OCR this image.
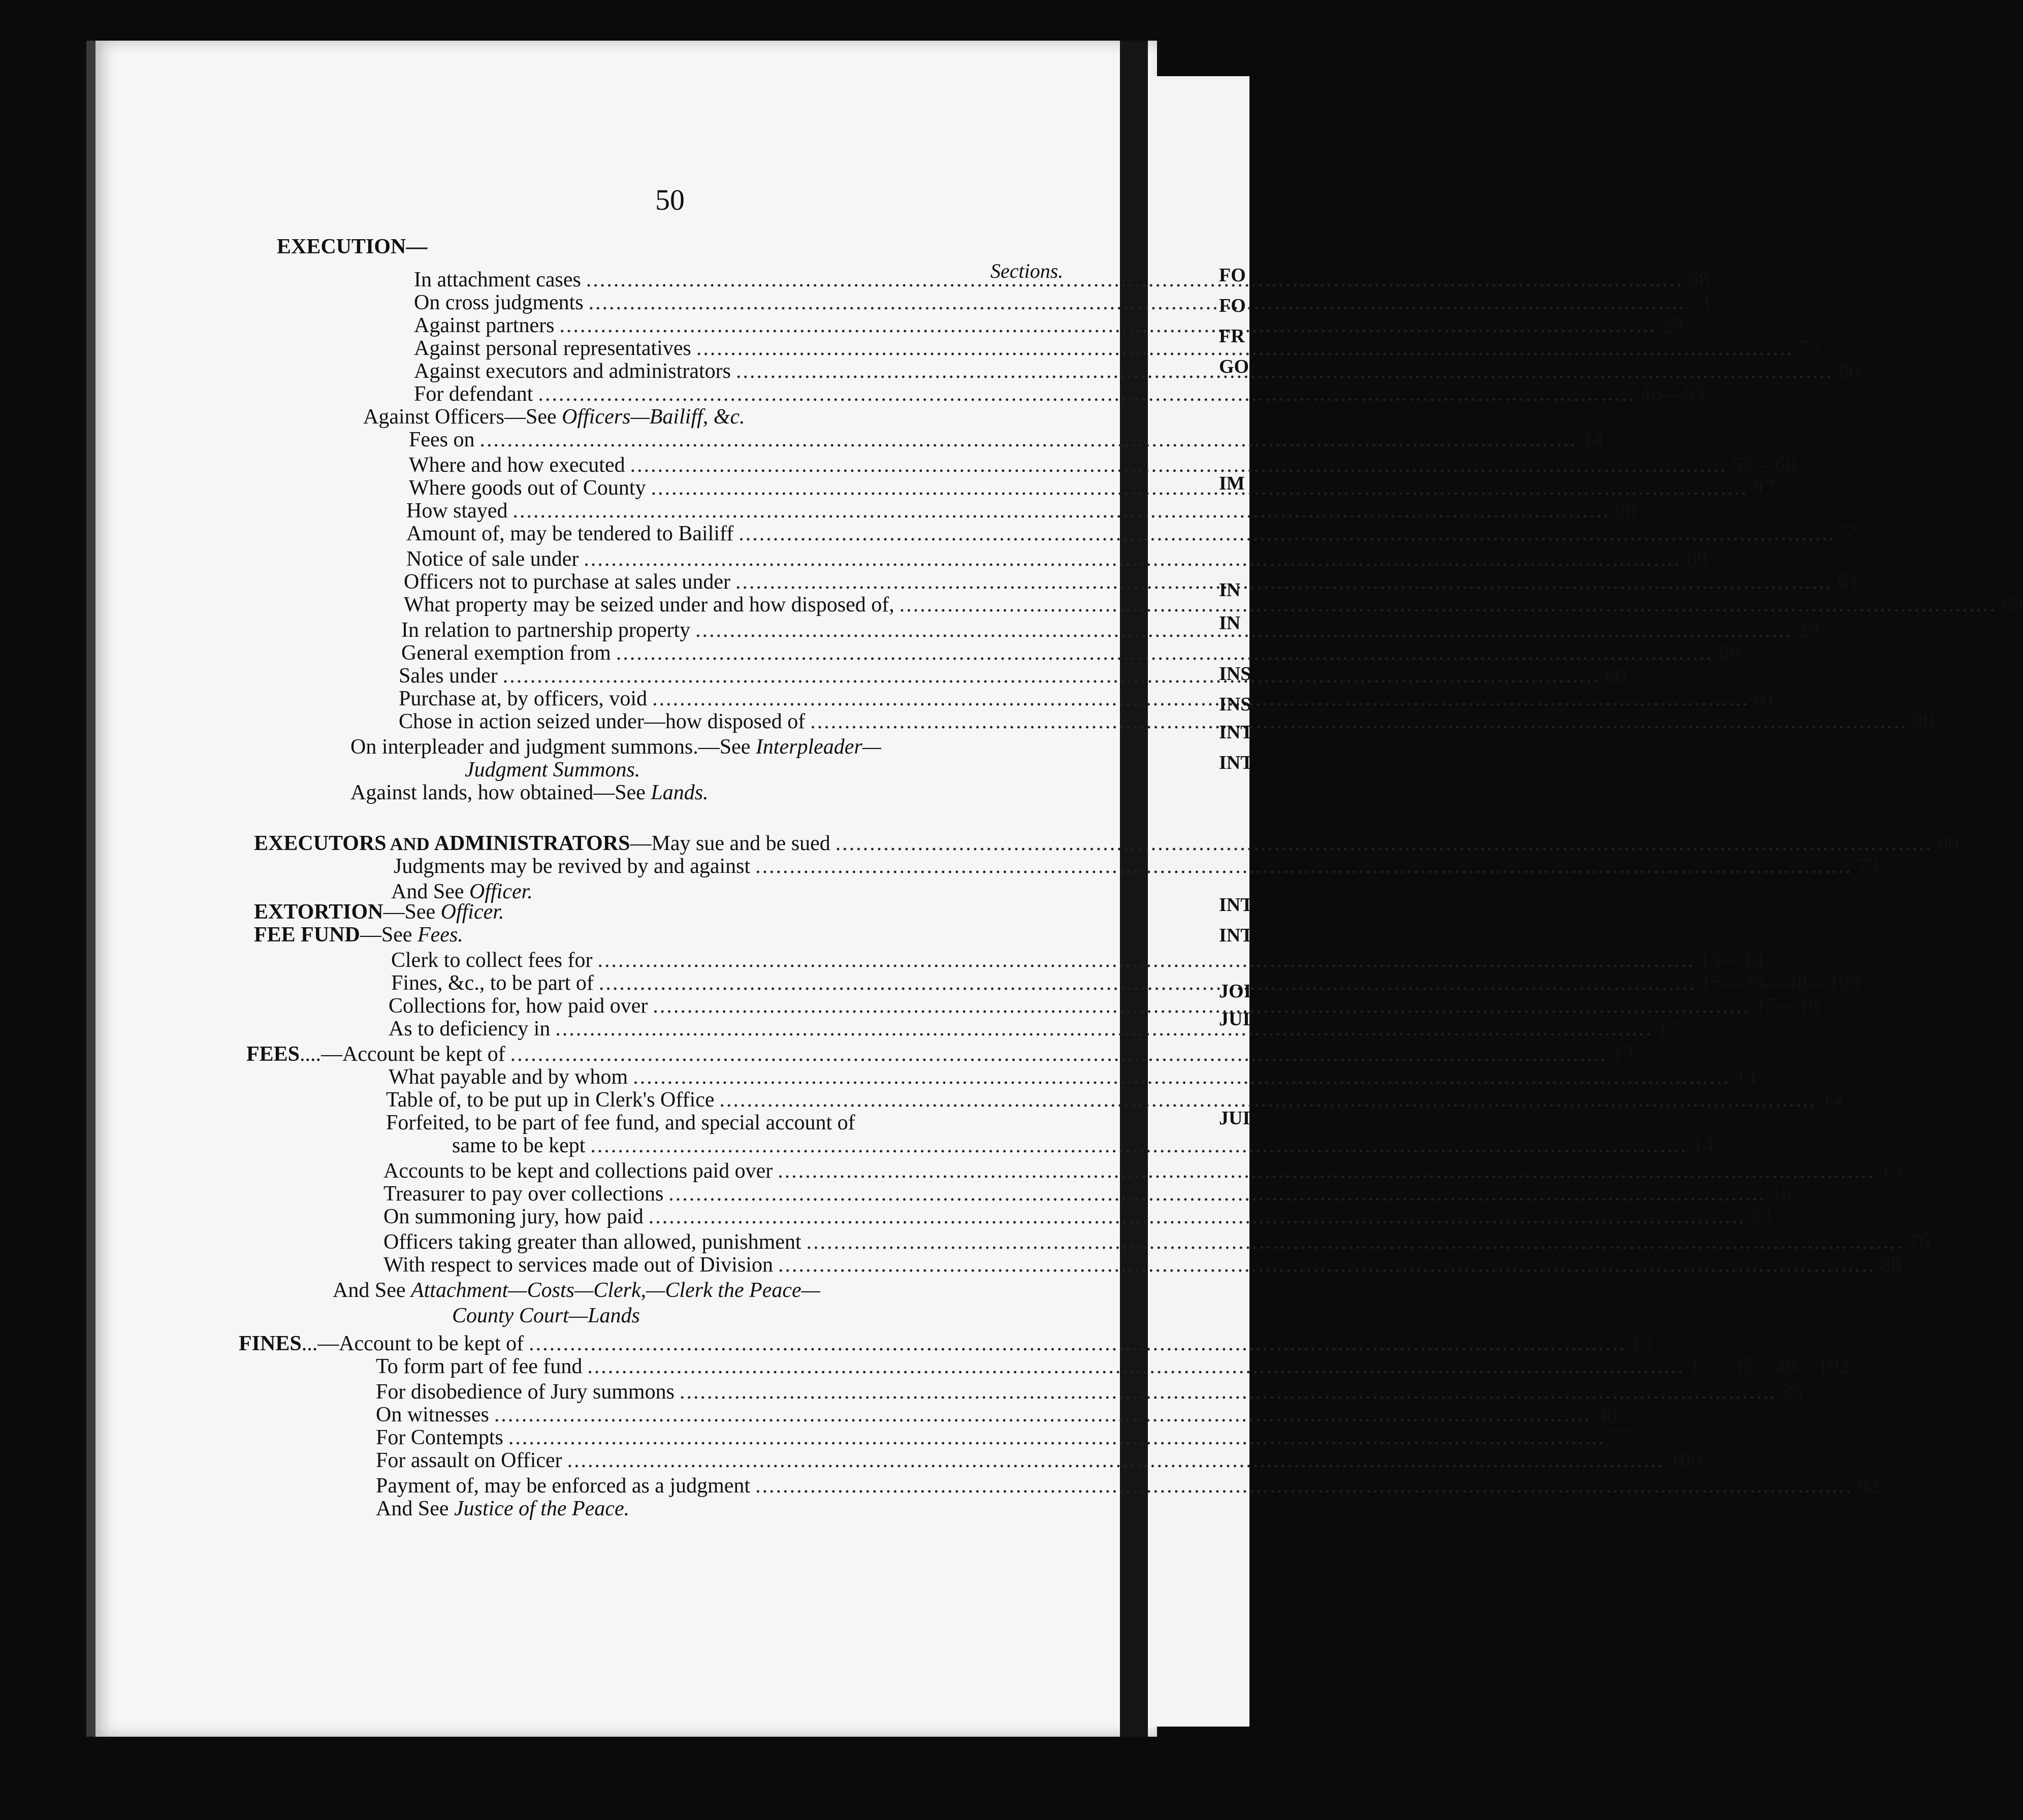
50
Sections.
EXECUTION—
In attachment cases .....	68
On cross judgments .....	51
Against partners .....	29
Against personal representatives .....	73
Against executors and administrators .....	80
For defendant .....	46—83
Against Officers—See Officers—Bailiff, &c.
Fees on .....	14
Where and how executed .....	53—60
Where goods out of County .....	97
How stayed .....	98
Amount of, may be tendered to Bailiff .....	55
Notice of sale under .....	60
Officers not to purchase at sales under .....	61
What property may be seized under and how disposed of, .....	89
In relation to partnership property .....	29
General exemption from .....	89
Sales under .....	60
Purchase at, by officers, void .....	61
Chose in action seized under—how disposed of .....	90
On interpleader and judgment summons.—See Interpleader—
Judgment Summons.
Against lands, how obtained—See Lands.
EXECUTORS AND ADMINISTRATORS—May sue and be sued .....	80
Judgments may be revived by and against .....	73
And See Officer.
EXTORTION—See Officer.
FEE FUND—See Fees.
Clerk to collect fees for .....	13—14
Fines, &c., to be part of .....	15—35—48—103
Collections for, how paid over .....	15—16
As to deficiency in .....	17
FEES....—Account be kept of .....	13
What payable and by whom .....	14
Table of, to be put up in Clerk's Office .....	14
Forfeited, to be part of fee fund, and special account of
same to be kept .....	14
Accounts to be kept and collections paid over .....	15
Treasurer to pay over collections .....	16
On summoning jury, how paid .....	33
Officers taking greater than allowed, punishment .....	76
With respect to services made out of Division .....	88
And See Attachment—Costs—Clerk,—Clerk the Peace—
County Court—Lands
FINES...—Account to be kept of .....	13
To form part of fee fund .....	15—35—48—103
For disobedience of Jury summons .....	35
On witnesses .....	48
For Contempts .....	75
For assault on Officer .....	100
Payment of, may be enforced as a judgment .....	82
And See Justice of the Peace.
FO
FO
FR
GO
IM
IN
IN
INS
INS
INT
INT
INT
INT
JOI
JUI
JUI
